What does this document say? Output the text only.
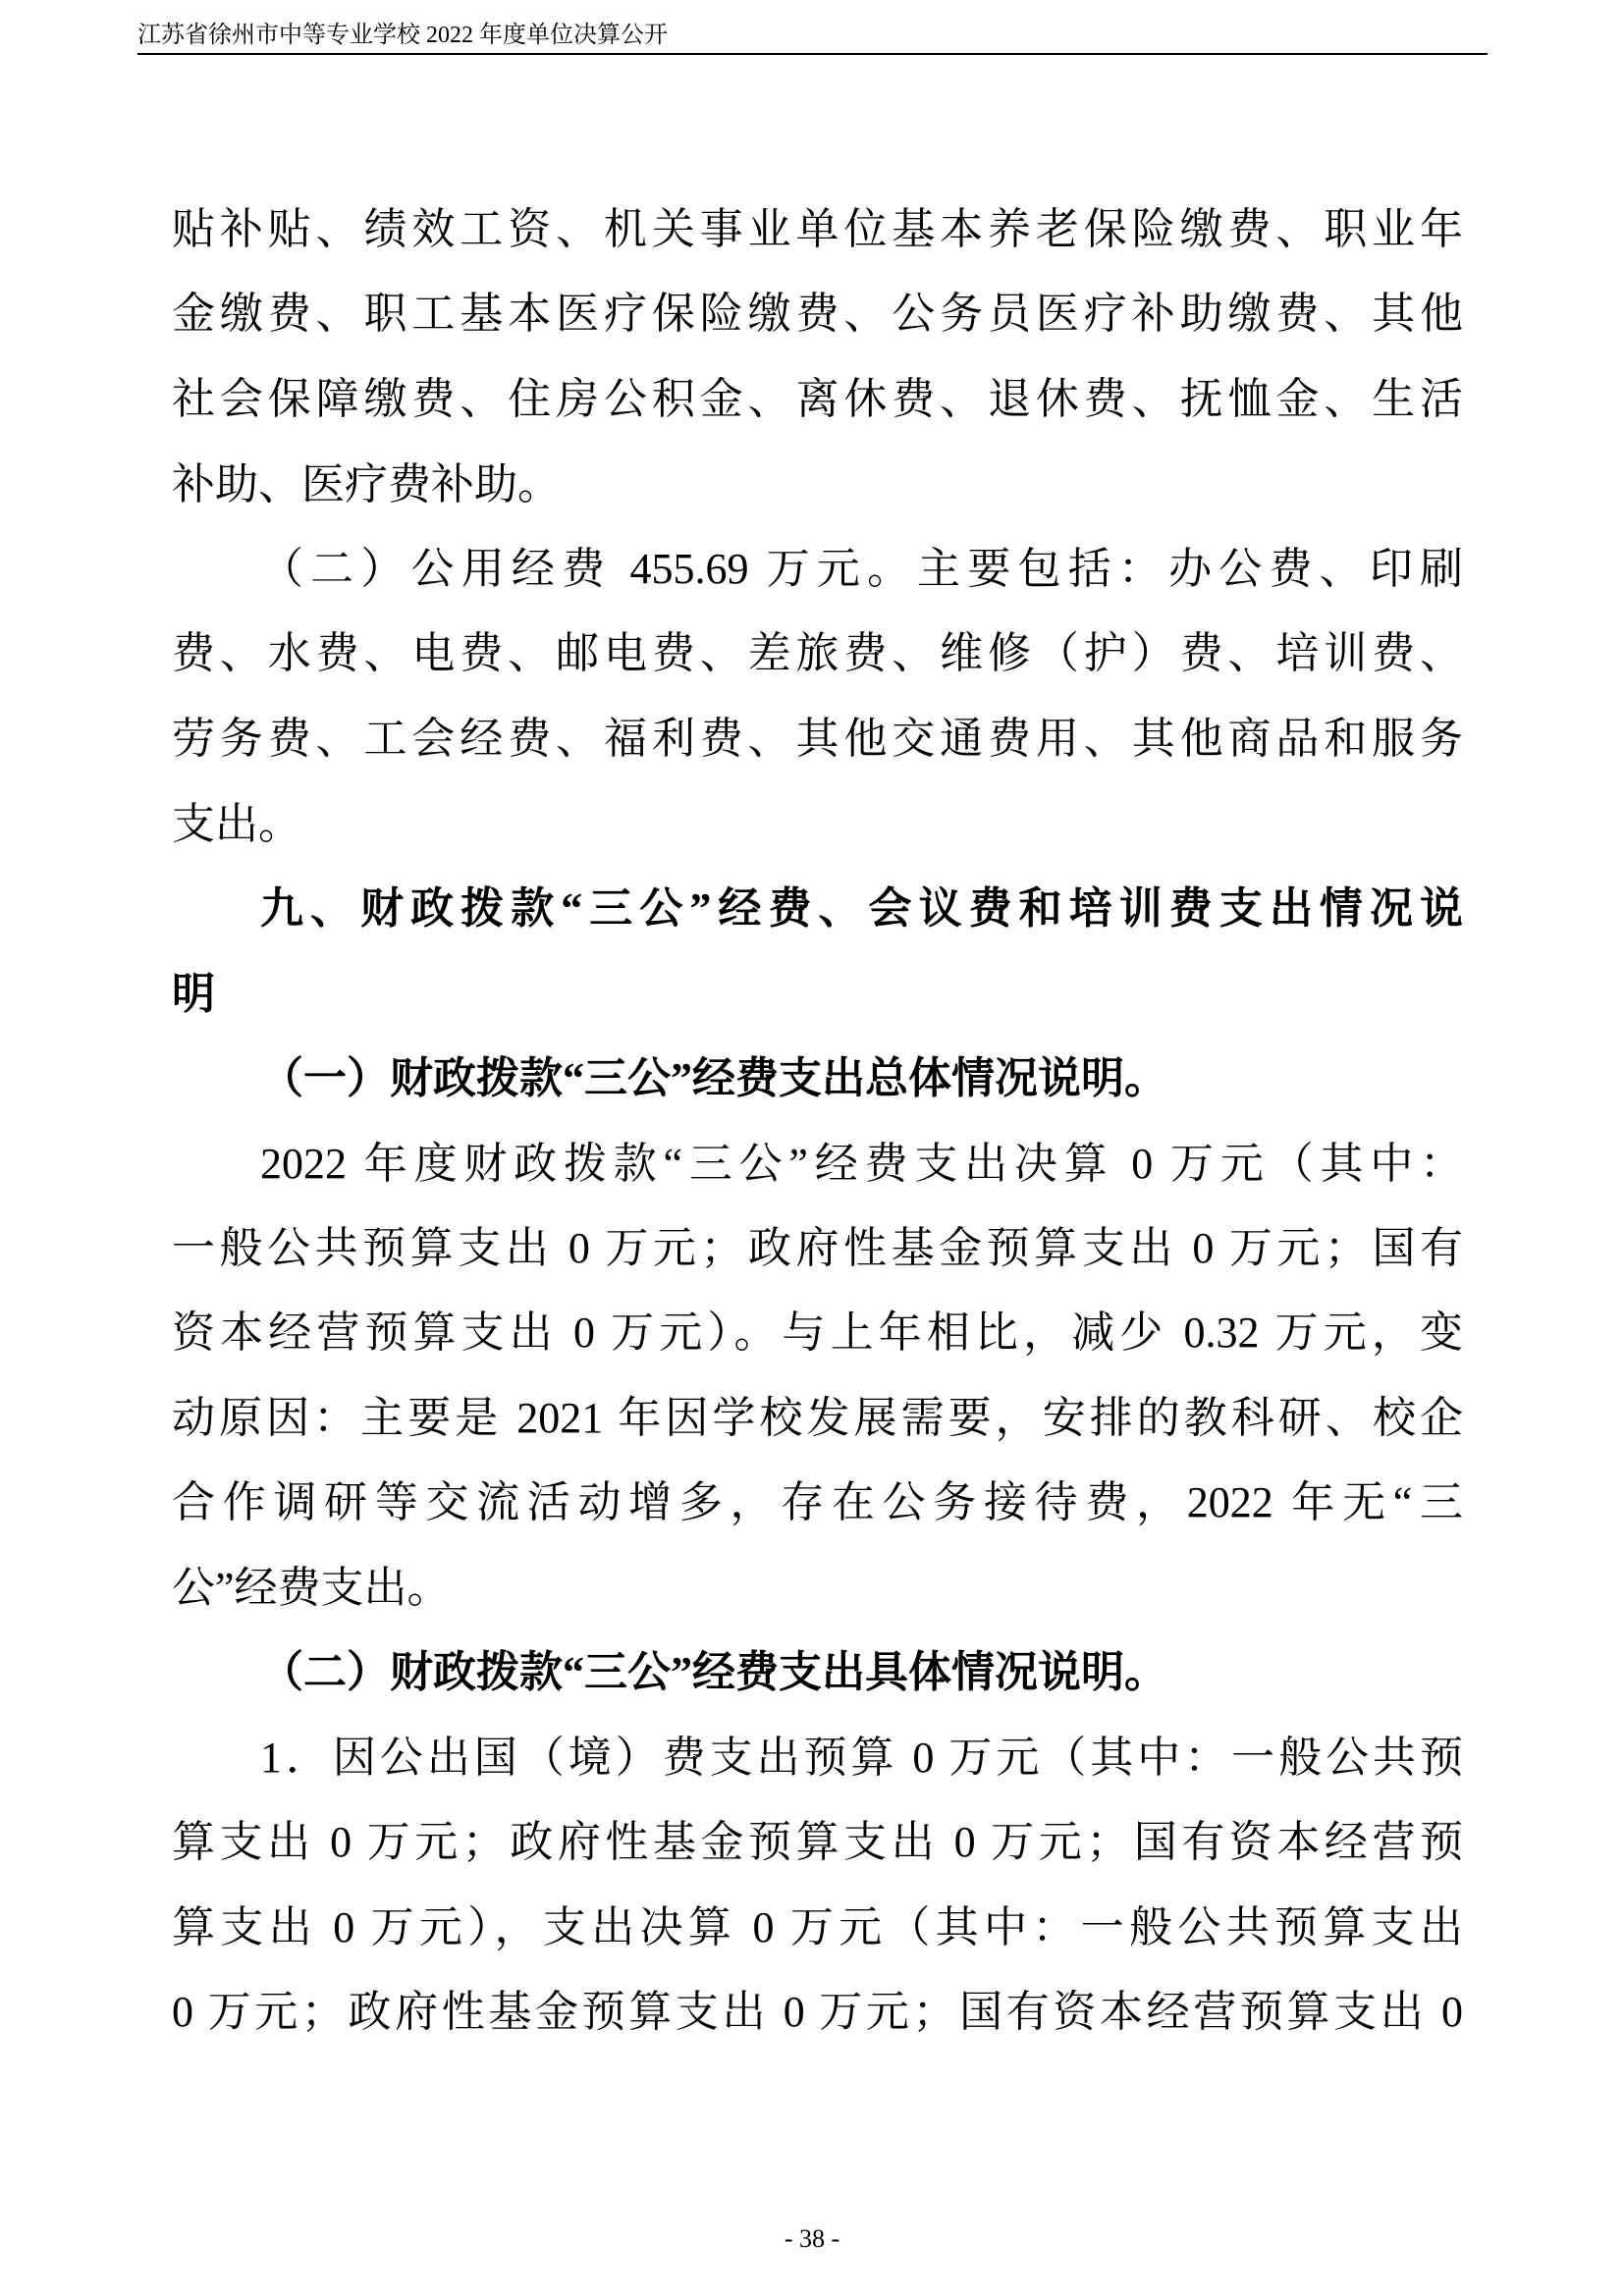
江苏省徐州市中等专业学校 2022 年度单位决算公开
贴补贴、绩效工资、机关事业单位基本养老保险缴费、职业年
金缴费、职工基本医疗保险缴费、公务员医疗补助缴费、其他
社会保障缴费、住房公积金、离休费、退休费、抚恤金、生活
补助、医疗费补助。
（二）公用经费 455.69 万元。主要包括：办公费、印刷
费、水费、电费、邮电费、差旅费、维修（护）费、培训费、
劳务费、工会经费、福利费、其他交通费用、其他商品和服务
支出。
九、财政拨款“三公”经费、会议费和培训费支出情况说
明
（一）财政拨款“三公”经费支出总体情况说明。
2022 年度财政拨款“三公”经费支出决算 0 万元（其中：
一般公共预算支出 0 万元；政府性基金预算支出 0 万元；国有
资本经营预算支出 0 万元）。与上年相比，减少 0.32 万元，变
动原因：主要是 2021 年因学校发展需要，安排的教科研、校企
合作调研等交流活动增多，存在公务接待费，2022 年无“三
公”经费支出。
（二）财政拨款“三公”经费支出具体情况说明。
1．因公出国（境）费支出预算 0 万元（其中：一般公共预
算支出 0 万元；政府性基金预算支出 0 万元；国有资本经营预
算支出 0 万元），支出决算 0 万元（其中：一般公共预算支出
0 万元；政府性基金预算支出 0 万元；国有资本经营预算支出 0
- 38 -
